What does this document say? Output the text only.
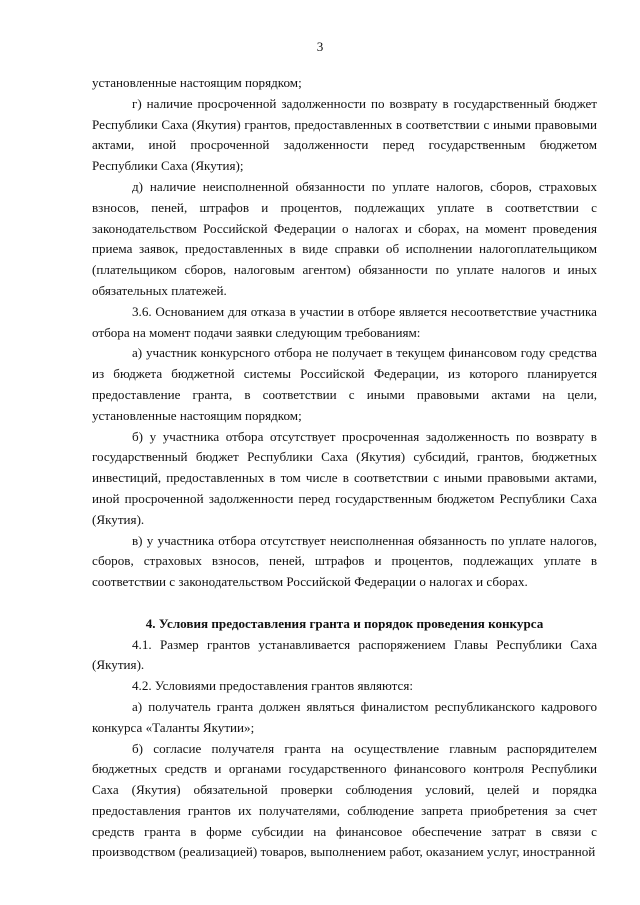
3

установленные настоящим порядком;

г) наличие просроченной задолженности по возврату в государственный бюджет Республики Саха (Якутия) грантов, предоставленных в соответствии с иными правовыми актами, иной просроченной задолженности перед государственным бюджетом Республики Саха (Якутия);

д) наличие неисполненной обязанности по уплате налогов, сборов, страховых взносов, пеней, штрафов и процентов, подлежащих уплате в соответствии с законодательством Российской Федерации о налогах и сборах, на момент проведения приема заявок, предоставленных в виде справки об исполнении налогоплательщиком (плательщиком сборов, налоговым агентом) обязанности по уплате налогов и иных обязательных платежей.

3.6. Основанием для отказа в участии в отборе является несоответствие участника отбора на момент подачи заявки следующим требованиям:

а) участник конкурсного отбора не получает в текущем финансовом году средства из бюджета бюджетной системы Российской Федерации, из которого планируется предоставление гранта, в соответствии с иными правовыми актами на цели, установленные настоящим порядком;

б) у участника отбора отсутствует просроченная задолженность по возврату в государственный бюджет Республики Саха (Якутия) субсидий, грантов, бюджетных инвестиций, предоставленных в том числе в соответствии с иными правовыми актами, иной просроченной задолженности перед государственным бюджетом Республики Саха (Якутия).

в) у участника отбора отсутствует неисполненная обязанность по уплате налогов, сборов, страховых взносов, пеней, штрафов и процентов, подлежащих уплате в соответствии с законодательством Российской Федерации о налогах и сборах.

4. Условия предоставления гранта и порядок проведения конкурса

4.1. Размер грантов устанавливается распоряжением Главы Республики Саха (Якутия).

4.2. Условиями предоставления грантов являются:

а) получатель гранта должен являться финалистом республиканского кадрового конкурса «Таланты Якутии»;

б) согласие получателя гранта на осуществление главным распорядителем бюджетных средств и органами государственного финансового контроля Республики Саха (Якутия) обязательной проверки соблюдения условий, целей и порядка предоставления грантов их получателями, соблюдение запрета приобретения за счет средств гранта в форме субсидии на финансовое обеспечение затрат в связи с производством (реализацией) товаров, выполнением работ, оказанием услуг, иностранной
